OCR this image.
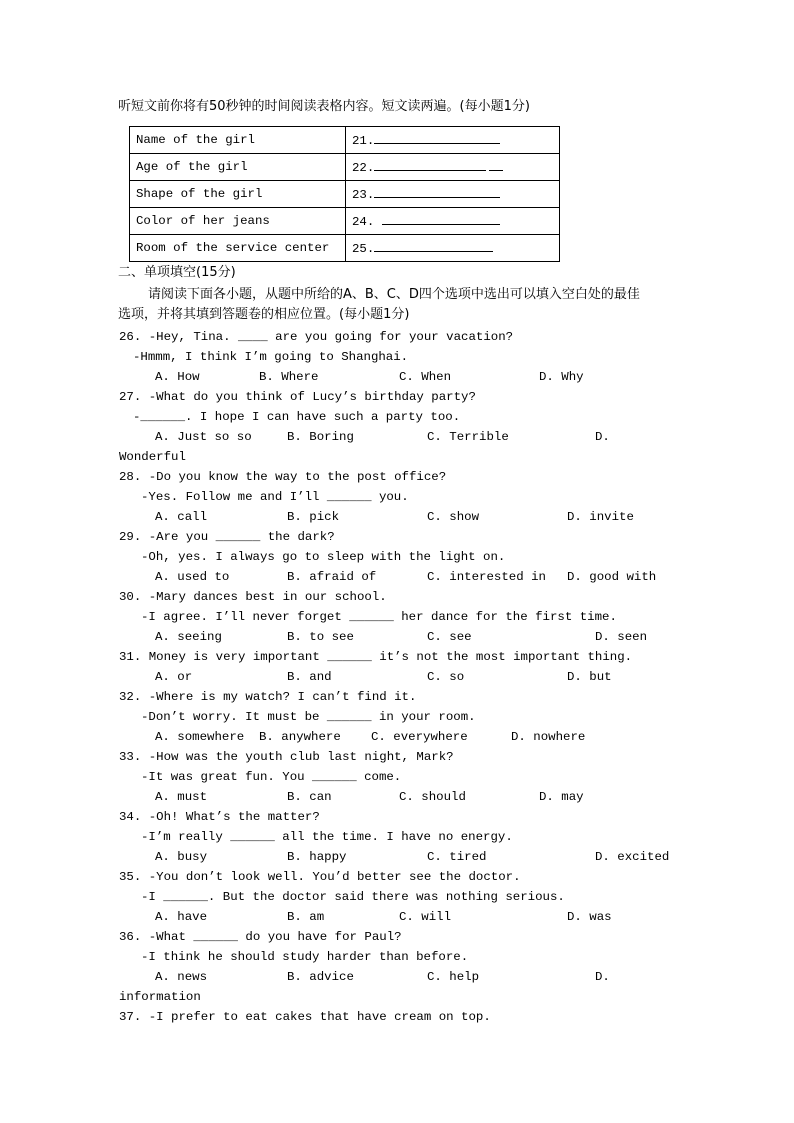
听短文前你将有50秒钟的时间阅读表格内容。短文读两遍。(每小题1分)
Name of the girl	21.
Age of the girl	22.
Shape of the girl	23.
Color of her jeans	24.
Room of the service center	25.
二、单项填空(15分)
请阅读下面各小题，从题中所给的A、B、C、D四个选项中选出可以填入空白处的最佳
选项，并将其填到答题卷的相应位置。(每小题1分)
26. -Hey, Tina. ____ are you going for your vacation?
-Hmmm, I think I’m going to Shanghai.
A. How	B. Where	C. When	D. Why
27. -What do you think of Lucy’s birthday party?
-______. I hope I can have such a party too.
A. Just so so	B. Boring	C. Terrible	D.
Wonderful
28. -Do you know the way to the post office?
-Yes. Follow me and I’ll ______ you.
A. call	B. pick	C. show	D. invite
29. -Are you ______ the dark?
-Oh, yes. I always go to sleep with the light on.
A. used to	B. afraid of	C. interested in D. good with
30. -Mary dances best in our school.
-I agree. I’ll never forget ______ her dance for the first time.
A. seeing	B. to see	C. see	D. seen
31. Money is very important ______ it’s not the most important thing.
A. or	B. and	C. so	D. but
32. -Where is my watch? I can’t find it.
-Don’t worry. It must be ______ in your room.
A. somewhere B. anywhere C. everywhere	D. nowhere
33. -How was the youth club last night, Mark?
-It was great fun. You ______ come.
A. must	B. can	C. should	D. may
34. -Oh! What’s the matter?
-I’m really ______ all the time. I have no energy.
A. busy	B. happy	C. tired	D. excited
35. -You don’t look well. You’d better see the doctor.
-I ______. But the doctor said there was nothing serious.
A. have	B. am	C. will	D. was
36. -What ______ do you have for Paul?
-I think he should study harder than before.
A. news	B. advice	C. help	D.
information
37. -I prefer to eat cakes that have cream on top.
